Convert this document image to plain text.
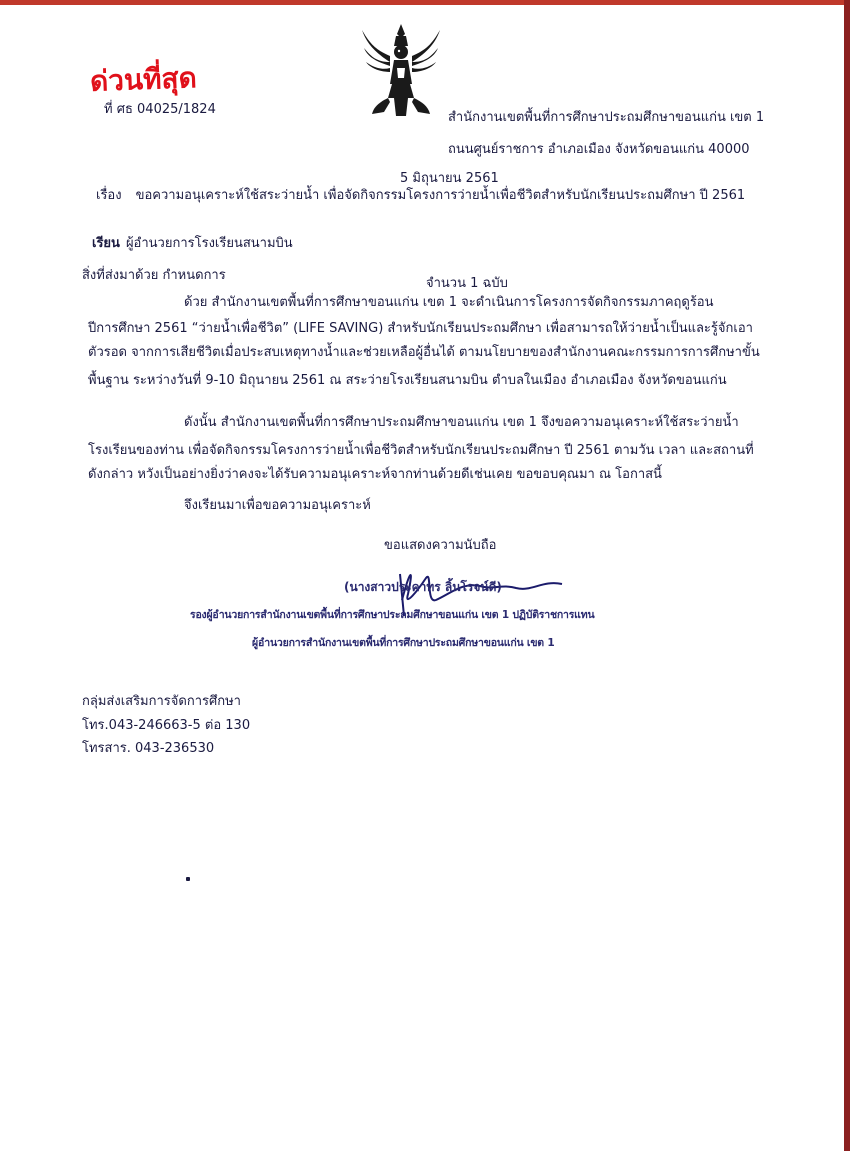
ด่วนที่สุด
ที่ ศธ 04025/1824
สำนักงานเขตพื้นที่การศึกษาประถมศึกษาขอนแก่น เขต 1
ถนนศูนย์ราชการ อำเภอเมือง จังหวัดขอนแก่น 40000
5 มิถุนายน 2561
เรื่อง ขอความอนุเคราะห์ใช้สระว่ายน้ำ เพื่อจัดกิจกรรมโครงการว่ายน้ำเพื่อชีวิตสำหรับนักเรียนประถมศึกษา ปี 2561
เรียน ผู้อำนวยการโรงเรียนสนามบิน
สิ่งที่ส่งมาด้วย กำหนดการ
จำนวน 1 ฉบับ
ด้วย สำนักงานเขตพื้นที่การศึกษาขอนแก่น เขต 1 จะดำเนินการโครงการจัดกิจกรรมภาคฤดูร้อน
ปีการศึกษา 2561 “ว่ายน้ำเพื่อชีวิต” (LIFE SAVING) สำหรับนักเรียนประถมศึกษา เพื่อสามารถให้ว่ายน้ำเป็นและรู้จักเอา
ตัวรอด จากการเสียชีวิตเมื่อประสบเหตุทางน้ำและช่วยเหลือผู้อื่นได้ ตามนโยบายของสำนักงานคณะกรรมการการศึกษาขั้น
พื้นฐาน ระหว่างวันที่ 9-10 มิถุนายน 2561 ณ สระว่ายโรงเรียนสนามบิน ตำบลในเมือง อำเภอเมือง จังหวัดขอนแก่น
ดังนั้น สำนักงานเขตพื้นที่การศึกษาประถมศึกษาขอนแก่น เขต 1 จึงขอความอนุเคราะห์ใช้สระว่ายน้ำ
โรงเรียนของท่าน เพื่อจัดกิจกรรมโครงการว่ายน้ำเพื่อชีวิตสำหรับนักเรียนประถมศึกษา ปี 2561 ตามวัน เวลา และสถานที่
ดังกล่าว หวังเป็นอย่างยิ่งว่าคงจะได้รับความอนุเคราะห์จากท่านด้วยดีเช่นเคย ขอขอบคุณมา ณ โอกาสนี้
จึงเรียนมาเพื่อขอความอนุเคราะห์
ขอแสดงความนับถือ
(นางสาวประคาทร ลิ้นโรจน์ดี)
รองผู้อำนวยการสำนักงานเขตพื้นที่การศึกษาประถมศึกษาขอนแก่น เขต 1 ปฏิบัติราชการแทน
ผู้อำนวยการสำนักงานเขตพื้นที่การศึกษาประถมศึกษาขอนแก่น เขต 1
กลุ่มส่งเสริมการจัดการศึกษา
โทร.043-246663-5 ต่อ 130
โทรสาร. 043-236530
